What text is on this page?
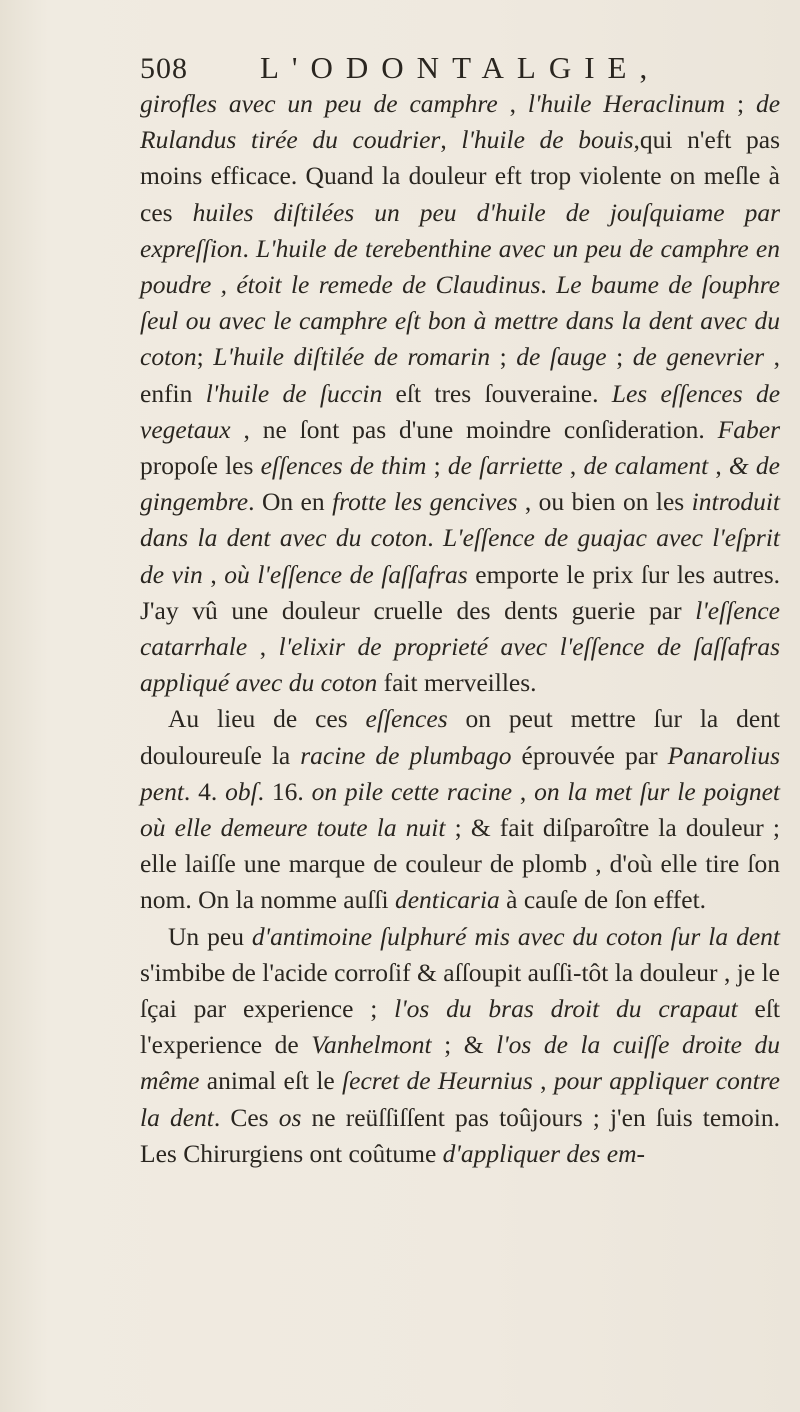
508 L'ODONTALGIE,

girofles avec un peu de camphre , l'huile Heraclinum ; de Rulandus tirée du coudrier, l'huile de bouis,qui n'eft pas moins efficace. Quand la douleur eft trop violente on meſle à ces huiles diſtilées un peu d'huile de jouſquiame par expreſſion. L'huile de terebenthine avec un peu de camphre en poudre , étoit le remede de Claudinus. Le baume de ſouphre ſeul ou avec le camphre eſt bon à mettre dans la dent avec du coton; L'huile diſtilée de romarin ; de ſauge ; de genevrier , enfin l'huile de ſuccin eſt tres ſouveraine. Les eſſences de vegetaux , ne ſont pas d'une moindre conſideration. Faber propoſe les eſſences de thim ; de ſarriette , de calament , & de gingembre. On en frotte les gencives , ou bien on les introduit dans la dent avec du coton. L'eſſence de guajac avec l'eſprit de vin , où l'eſſence de ſaſſafras emporte le prix ſur les autres. J'ay vû une douleur cruelle des dents guerie par l'eſſence catarrhale , l'elixir de proprieté avec l'eſſence de ſaſſafras appliqué avec du coton fait merveilles.

Au lieu de ces eſſences on peut mettre ſur la dent douloureuſe la racine de plumbago éprouvée par Panarolius pent. 4. obſ. 16. on pile cette racine , on la met ſur le poignet où elle demeure toute la nuit ; & fait diſparoître la douleur ; elle laiſſe une marque de couleur de plomb , d'où elle tire ſon nom. On la nomme auſſi denticaria à cauſe de ſon effet.

Un peu d'antimoine ſulphuré mis avec du coton ſur la dent s'imbibe de l'acide corroſif & aſſoupit auſſi-tôt la douleur , je le ſçai par experience ; l'os du bras droit du crapaut eſt l'experience de Vanhelmont ; & l'os de la cuiſſe droite du même animal eſt le ſecret de Heurnius , pour appliquer contre la dent. Ces os ne reüſſiſſent pas toûjours ; j'en ſuis temoin. Les Chirurgiens ont coûtume d'appliquer des em-
